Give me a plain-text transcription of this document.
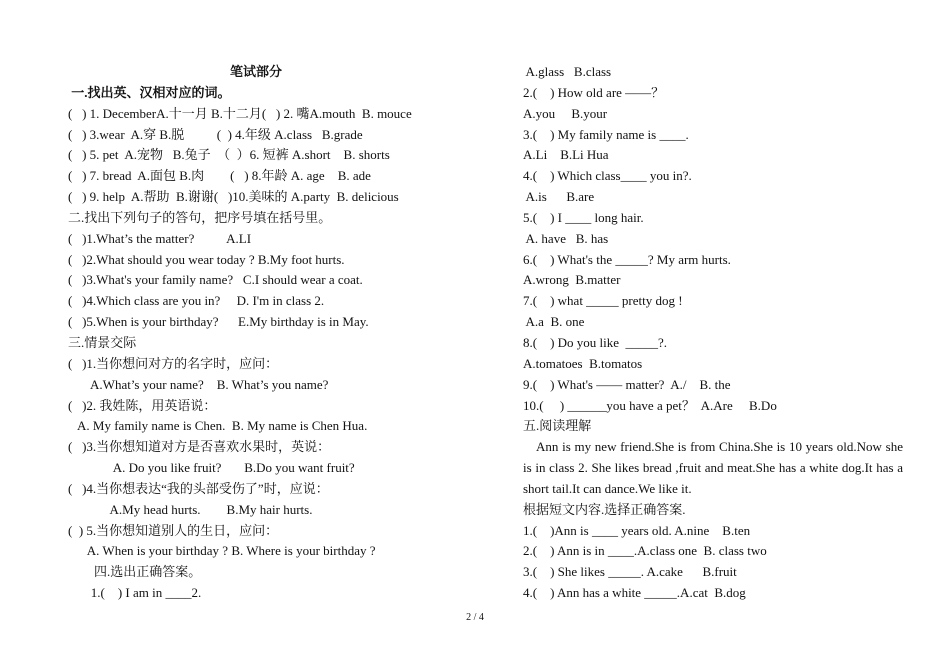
笔试部分
一.找出英、汉相对应的词。
(   ) 1. DecemberA.十一月 B.十二月(   ) 2. 嘴A.mouth  B. mouce
(   ) 3.wear  A.穿 B.脱          (  ) 4.年级 A.class   B.grade
(   ) 5. pet  A.宠物   B.兔子  （  ）6. 短裤 A.short    B. shorts
(   ) 7. bread  A.面包 B.肉        (   ) 8.年龄 A. age    B. ade
(   ) 9. help  A.帮助  B.谢谢(   )10.美味的 A.party  B. delicious
二.找出下列句子的答句，把序号填在括号里。
(   )1.What’s the matter?          A.LI
(   )2.What should you wear today ? B.My foot hurts.
(   )3.What's your family name?   C.I should wear a coat.
(   )4.Which class are you in?     D. I'm in class 2.
(   )5.When is your birthday?      E.My birthday is in May.
三.情景交际
(   )1.当你想问对方的名字时，应问：
A.What’s your name?    B. What’s you name?
(   )2. 我姓陈，用英语说：
A. My family name is Chen.  B. My name is Chen Hua.
(   )3.当你想知道对方是否喜欢水果时，英说：
A. Do you like fruit?       B.Do you want fruit?
(   )4.当你想表达“我的头部受伤了”时，应说：
A.My head hurts.        B.My hair hurts.
(  ) 5.当你想知道别人的生日，应问：
A. When is your birthday ? B. Where is your birthday ?
四.选出正确答案。
1.(    ) I am in ____2.
A.glass   B.class
2.(    ) How old are ——？
A.you     B.your
3.(    ) My family name is ____.
A.Li    B.Li Hua
4.(    ) Which class____ you in?.
A.is      B.are
5.(    ) I ____ long hair.
A. have   B. has
6.(    ) What's the _____? My arm hurts.
A.wrong  B.matter
7.(    ) what _____ pretty dog !
A.a  B. one
8.(    ) Do you like  _____?.
A.tomatoes  B.tomatos
9.(    ) What's —— matter?  A./    B. the
10.(     ) ______you have a pet？  A.Are     B.Do
五.阅读理解
Ann is my new friend.She is from China.She is 10 years old.Now she is in class 2. She likes bread ,fruit and meat.She has a white dog.It has a short tail.It can dance.We like it.
根据短文内容.选择正确答案.
1.(    )Ann is ____ years old. A.nine    B.ten
2.(    ) Ann is in ____.A.class one  B. class two
3.(    ) She likes _____. A.cake      B.fruit
4.(    ) Ann has a white _____.A.cat  B.dog
2 / 4
